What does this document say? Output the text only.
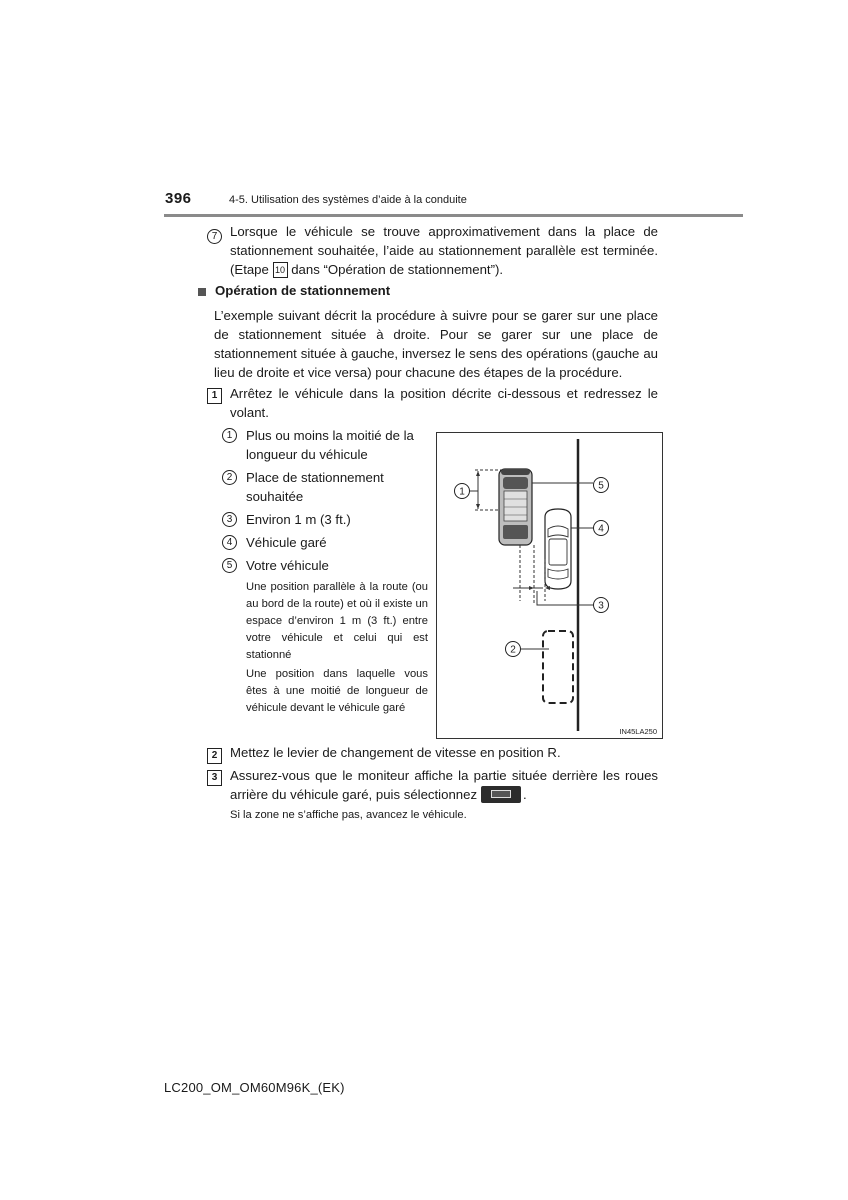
396	4-5. Utilisation des systèmes d’aide à la conduite
7 Lorsque le véhicule se trouve approximativement dans la place de stationnement souhaitée, l’aide au stationnement parallèle est terminée. (Etape 10 dans “Opération de stationnement”).
Opération de stationnement
L’exemple suivant décrit la procédure à suivre pour se garer sur une place de stationnement située à droite. Pour se garer sur une place de stationnement située à gauche, inversez le sens des opérations (gauche au lieu de droite et vice versa) pour chacune des étapes de la procédure.
1 Arrêtez le véhicule dans la position décrite ci-dessous et redressez le volant.
1	Plus ou moins la moitié de la longueur du véhicule
2	Place de stationnement souhaitée
3	Environ 1 m (3 ft.)
4	Véhicule garé
5	Votre véhicule
Une position parallèle à la route (ou au bord de la route) et où il existe un espace d’environ 1 m (3 ft.) entre votre véhicule et celui qui est stationné
Une position dans laquelle vous êtes à une moitié de longueur de véhicule devant le véhicule garé
1
5
4
3
2
IN45LA250
2 Mettez le levier de changement de vitesse en position R.
3 Assurez-vous que le moniteur affiche la partie située derrière les roues arrière du véhicule garé, puis sélectionnez	.
Si la zone ne s’affiche pas, avancez le véhicule.
LC200_OM_OM60M96K_(EK)
